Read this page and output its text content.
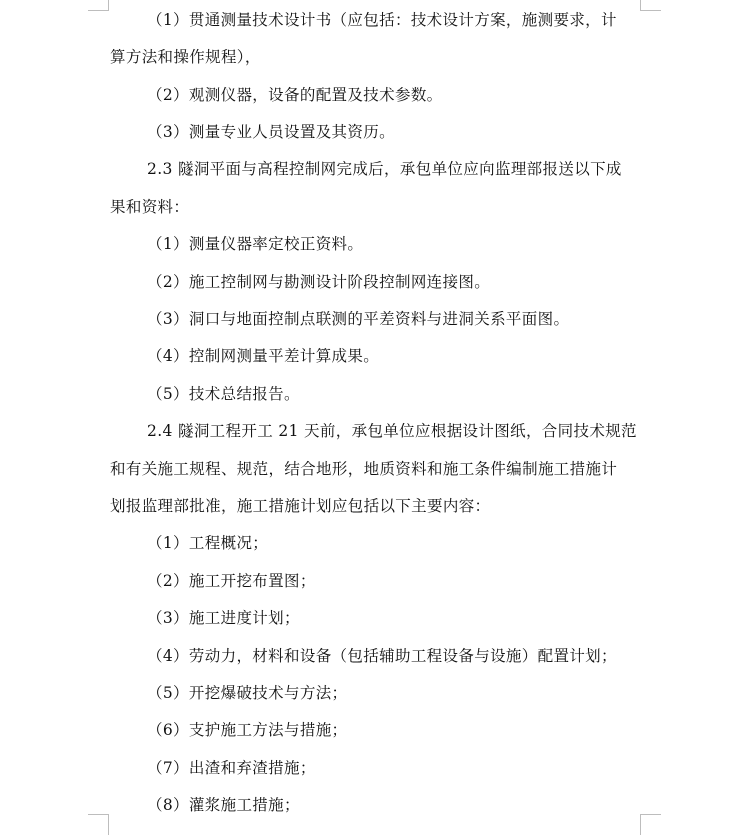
（1）贯通测量技术设计书（应包括：技术设计方案，施测要求，计
算方法和操作规程），
（2）观测仪器，设备的配置及技术参数。
（3）测量专业人员设置及其资历。
2.3 隧洞平面与高程控制网完成后，承包单位应向监理部报送以下成
果和资料：
（1）测量仪器率定校正资料。
（2）施工控制网与勘测设计阶段控制网连接图。
（3）洞口与地面控制点联测的平差资料与进洞关系平面图。
（4）控制网测量平差计算成果。
（5）技术总结报告。
2.4 隧洞工程开工 21 天前，承包单位应根据设计图纸，合同技术规范
和有关施工规程、规范，结合地形，地质资料和施工条件编制施工措施计
划报监理部批准，施工措施计划应包括以下主要内容：
（1）工程概况；
（2）施工开挖布置图；
（3）施工进度计划；
（4）劳动力，材料和设备（包括辅助工程设备与设施）配置计划；
（5）开挖爆破技术与方法；
（6）支护施工方法与措施；
（7）出渣和弃渣措施；
（8）灌浆施工措施；
